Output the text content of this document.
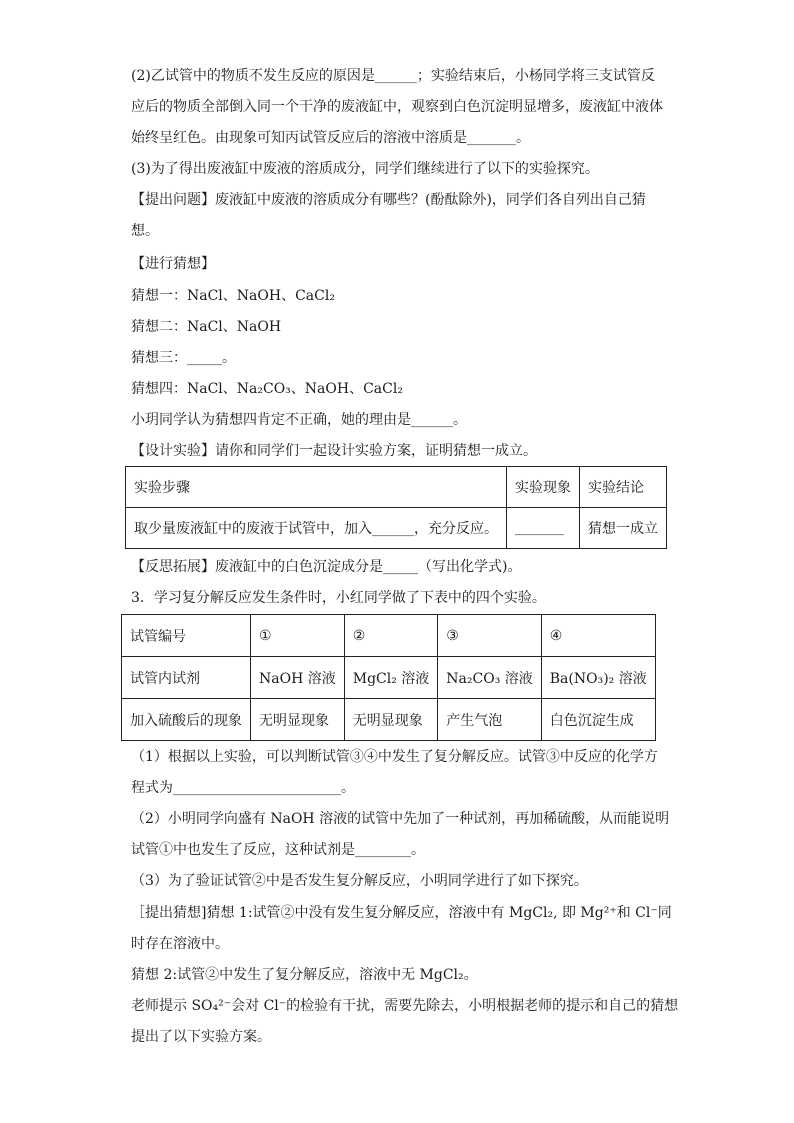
(2)乙试管中的物质不发生反应的原因是______；实验结束后，小杨同学将三支试管反
应后的物质全部倒入同一个干净的废液缸中，观察到白色沉淀明显增多，废液缸中液体
始终呈红色。由现象可知丙试管反应后的溶液中溶质是_______。
(3)为了得出废液缸中废液的溶质成分，同学们继续进行了以下的实验探究。
【提出问题】废液缸中废液的溶质成分有哪些？(酚酞除外)，同学们各自列出自己猜
想。
【进行猜想】
猜想一：NaCl、NaOH、CaCl₂
猜想二：NaCl、NaOH
猜想三：_____。
猜想四：NaCl、Na₂CO₃、NaOH、CaCl₂
小玥同学认为猜想四肯定不正确，她的理由是______。
【设计实验】请你和同学们一起设计实验方案，证明猜想一成立。
实验步骤	实验现象	实验结论
取少量废液缸中的废液于试管中，加入______，充分反应。	_______	猜想一成立
【反思拓展】废液缸中的白色沉淀成分是_____（写出化学式)。
3．学习复分解反应发生条件时，小红同学做了下表中的四个实验。
试管编号	①	②	③	④
试管内试剂	NaOH 溶液	MgCl₂ 溶液	Na₂CO₃ 溶液	Ba(NO₃)₂ 溶液
加入硫酸后的现象	无明显现象	无明显现象	产生气泡	白色沉淀生成
（1）根据以上实验，可以判断试管③④中发生了复分解反应。试管③中反应的化学方
程式为________________________。
（2）小明同学向盛有 NaOH 溶液的试管中先加了一种试剂，再加稀硫酸，从而能说明
试管①中也发生了反应，这种试剂是________。
（3）为了验证试管②中是否发生复分解反应，小明同学进行了如下探究。
［提出猜想]猜想 1:试管②中没有发生复分解反应，溶液中有 MgCl₂, 即 Mg²⁺和 Cl⁻同
时存在溶液中。
猜想 2:试管②中发生了复分解反应，溶液中无 MgCl₂。
老师提示 SO₄²⁻会对 Cl⁻的检验有干扰，需要先除去，小明根据老师的提示和自己的猜想
提出了以下实验方案。
